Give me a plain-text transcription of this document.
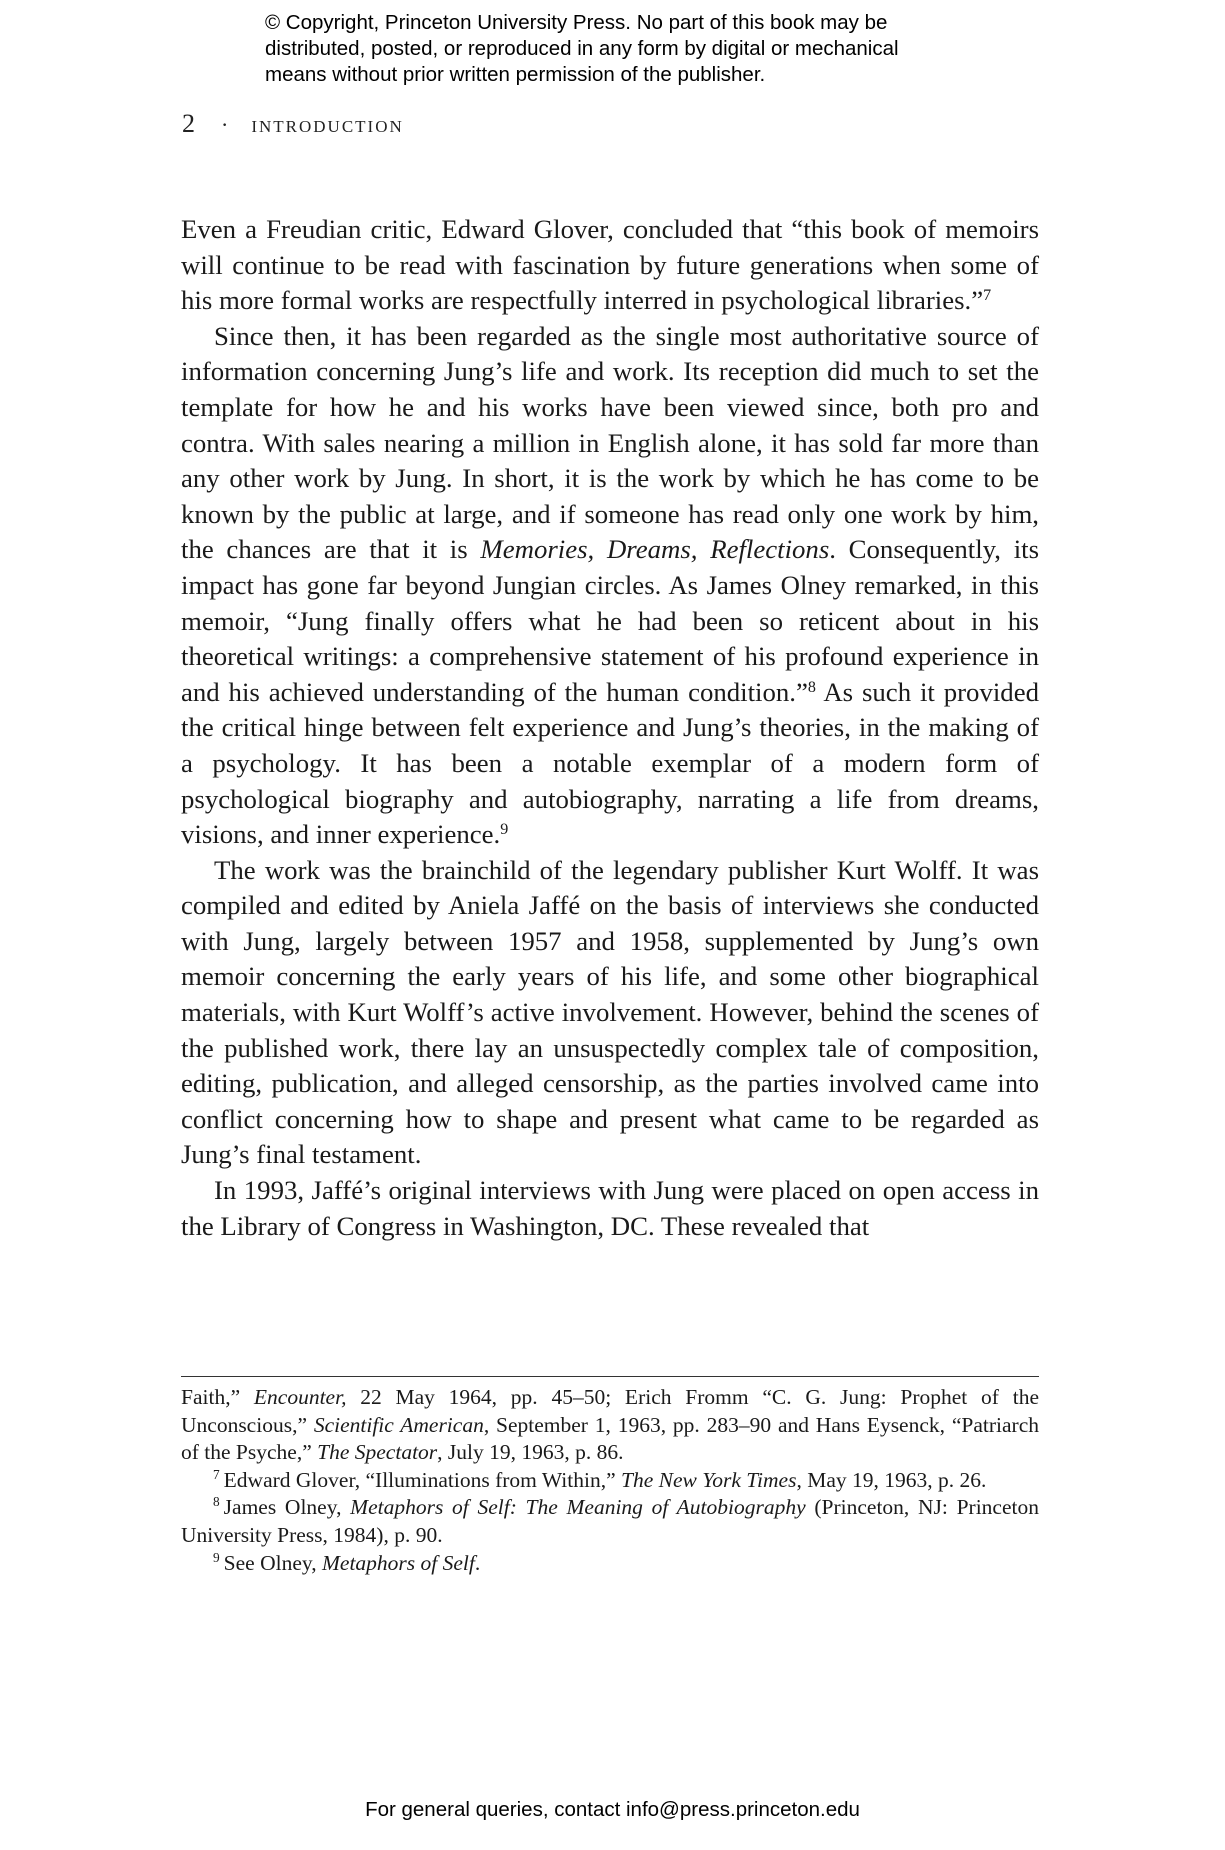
© Copyright, Princeton University Press. No part of this book may be
distributed, posted, or reproduced in any form by digital or mechanical
means without prior written permission of the publisher.
2 · introduction

Even a Freudian critic, Edward Glover, concluded that “this book of memoirs will continue to be read with fascination by future generations when some of his more formal works are respectfully interred in psychological libraries.”$^7$

Since then, it has been regarded as the single most authoritative source of information concerning Jung’s life and work. Its reception did much to set the template for how he and his works have been viewed since, both pro and contra. With sales nearing a million in English alone, it has sold far more than any other work by Jung. In short, it is the work by which he has come to be known by the public at large, and if someone has read only one work by him, the chances are that it is Memories, Dreams, Reflections. Consequently, its impact has gone far beyond Jungian circles. As James Olney remarked, in this memoir, “Jung finally offers what he had been so reticent about in his theoretical writings: a comprehensive statement of his profound experience in and his achieved understanding of the human condition.”$^8$ As such it provided the critical hinge between felt experience and Jung’s theories, in the making of a psychology. It has been a notable exemplar of a modern form of psychological biography and autobiography, narrating a life from dreams, visions, and inner experience.$^9$

The work was the brainchild of the legendary publisher Kurt Wolff. It was compiled and edited by Aniela Jaffé on the basis of interviews she conducted with Jung, largely between 1957 and 1958, supplemented by Jung’s own memoir concerning the early years of his life, and some other biographical materials, with Kurt Wolff’s active involvement. However, behind the scenes of the published work, there lay an unsuspectedly complex tale of composition, editing, publication, and alleged censorship, as the parties involved came into conflict concerning how to shape and present what came to be regarded as Jung’s final testament.

In 1993, Jaffé’s original interviews with Jung were placed on open access in the Library of Congress in Washington, DC. These revealed that

Faith,” Encounter, 22 May 1964, pp. 45–50; Erich Fromm “C. G. Jung: Prophet of the Unconscious,” Scientific American, September 1, 1963, pp. 283–90 and Hans Eysenck, “Patriarch of the Psyche,” The Spectator, July 19, 1963, p. 86.

$^7$ Edward Glover, “Illuminations from Within,” The New York Times, May 19, 1963, p. 26.

$^8$ James Olney, Metaphors of Self: The Meaning of Autobiography (Princeton, NJ: Princeton University Press, 1984), p. 90.

$^9$ See Olney, Metaphors of Self.

For general queries, contact info@press.princeton.edu
